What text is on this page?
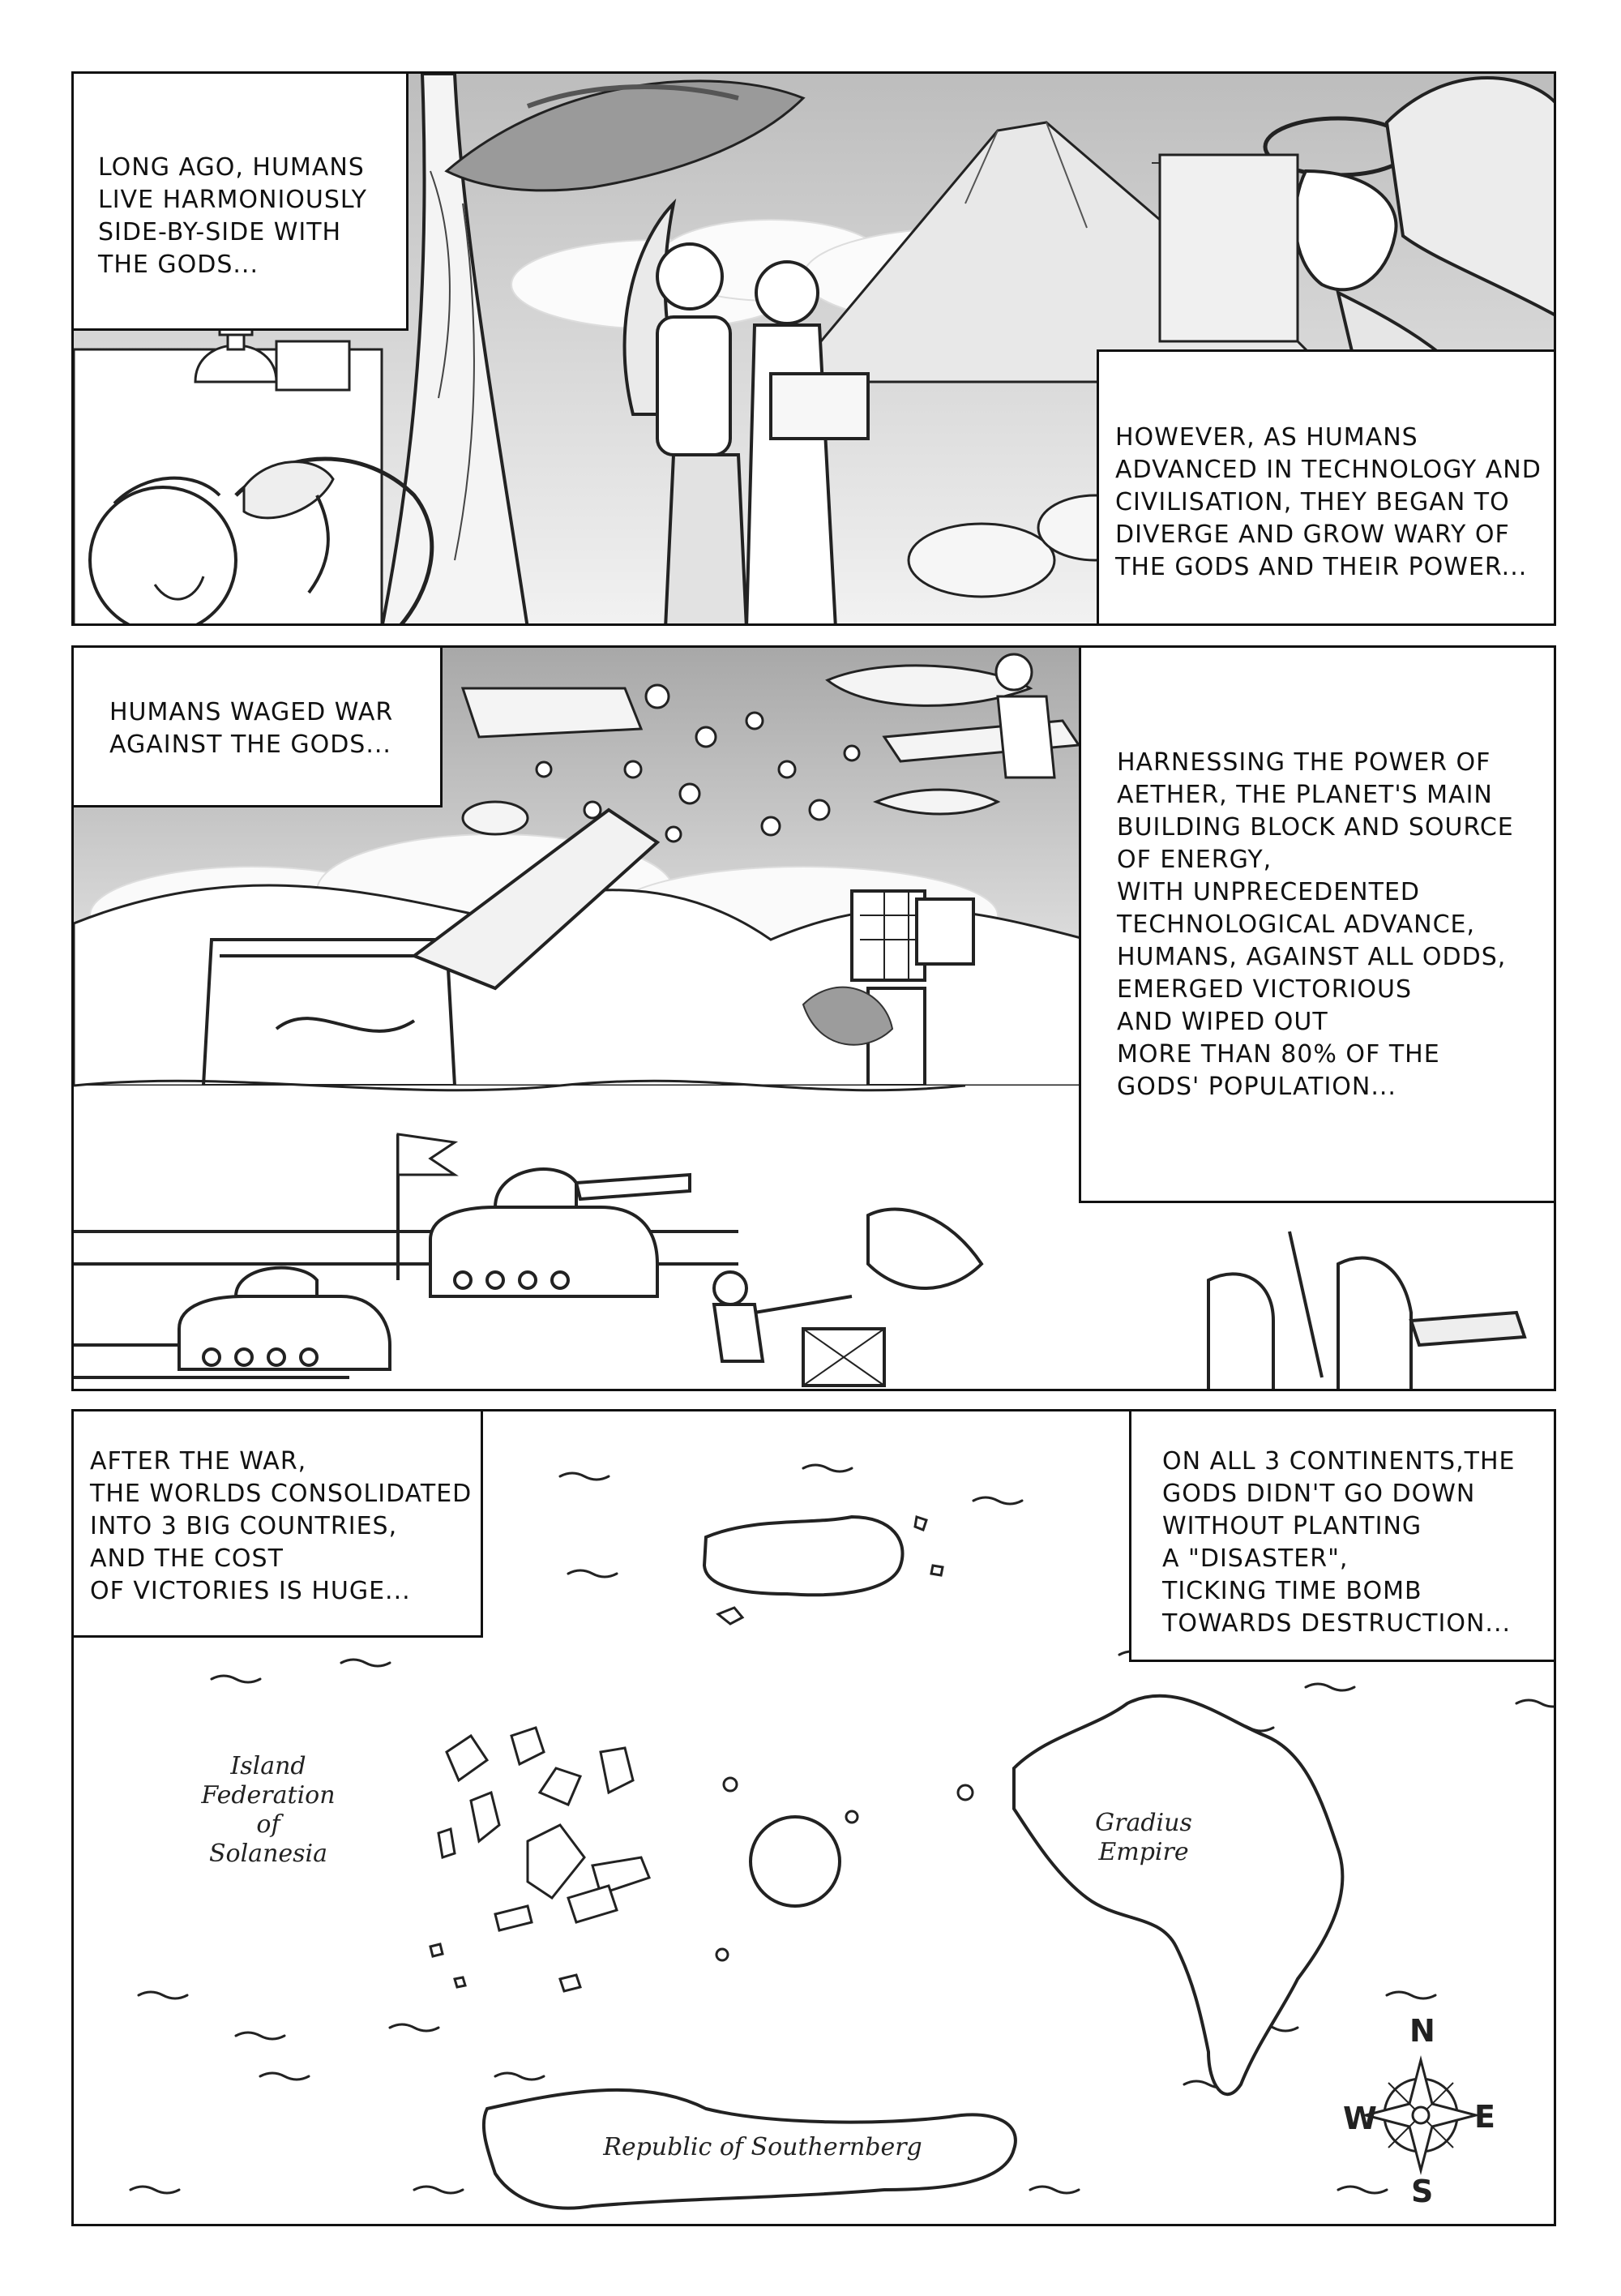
LONG AGO, HUMANS
LIVE HARMONIOUSLY
SIDE-BY-SIDE WITH
THE GODS...

HOWEVER, AS HUMANS
ADVANCED IN TECHNOLOGY AND
CIVILISATION, THEY BEGAN TO
DIVERGE AND GROW WARY OF
THE GODS AND THEIR POWER...

HUMANS WAGED WAR
AGAINST THE GODS...

HARNESSING THE POWER OF
AETHER, THE PLANET'S MAIN
BUILDING BLOCK AND SOURCE
OF ENERGY,
WITH UNPRECEDENTED
TECHNOLOGICAL ADVANCE,
HUMANS, AGAINST ALL ODDS,
EMERGED VICTORIOUS
AND WIPED OUT
MORE THAN 80% OF THE
GODS' POPULATION...

AFTER THE WAR,
THE WORLDS CONSOLIDATED
INTO 3 BIG COUNTRIES,
AND THE COST
OF VICTORIES IS HUGE...

ON ALL 3 CONTINENTS,THE
GODS DIDN'T GO DOWN
WITHOUT PLANTING
A "DISASTER",
TICKING TIME BOMB
TOWARDS DESTRUCTION...

Island
Federation
of
Solanesia
Gradius
Empire
Republic of Southernberg
N
E
S
W
